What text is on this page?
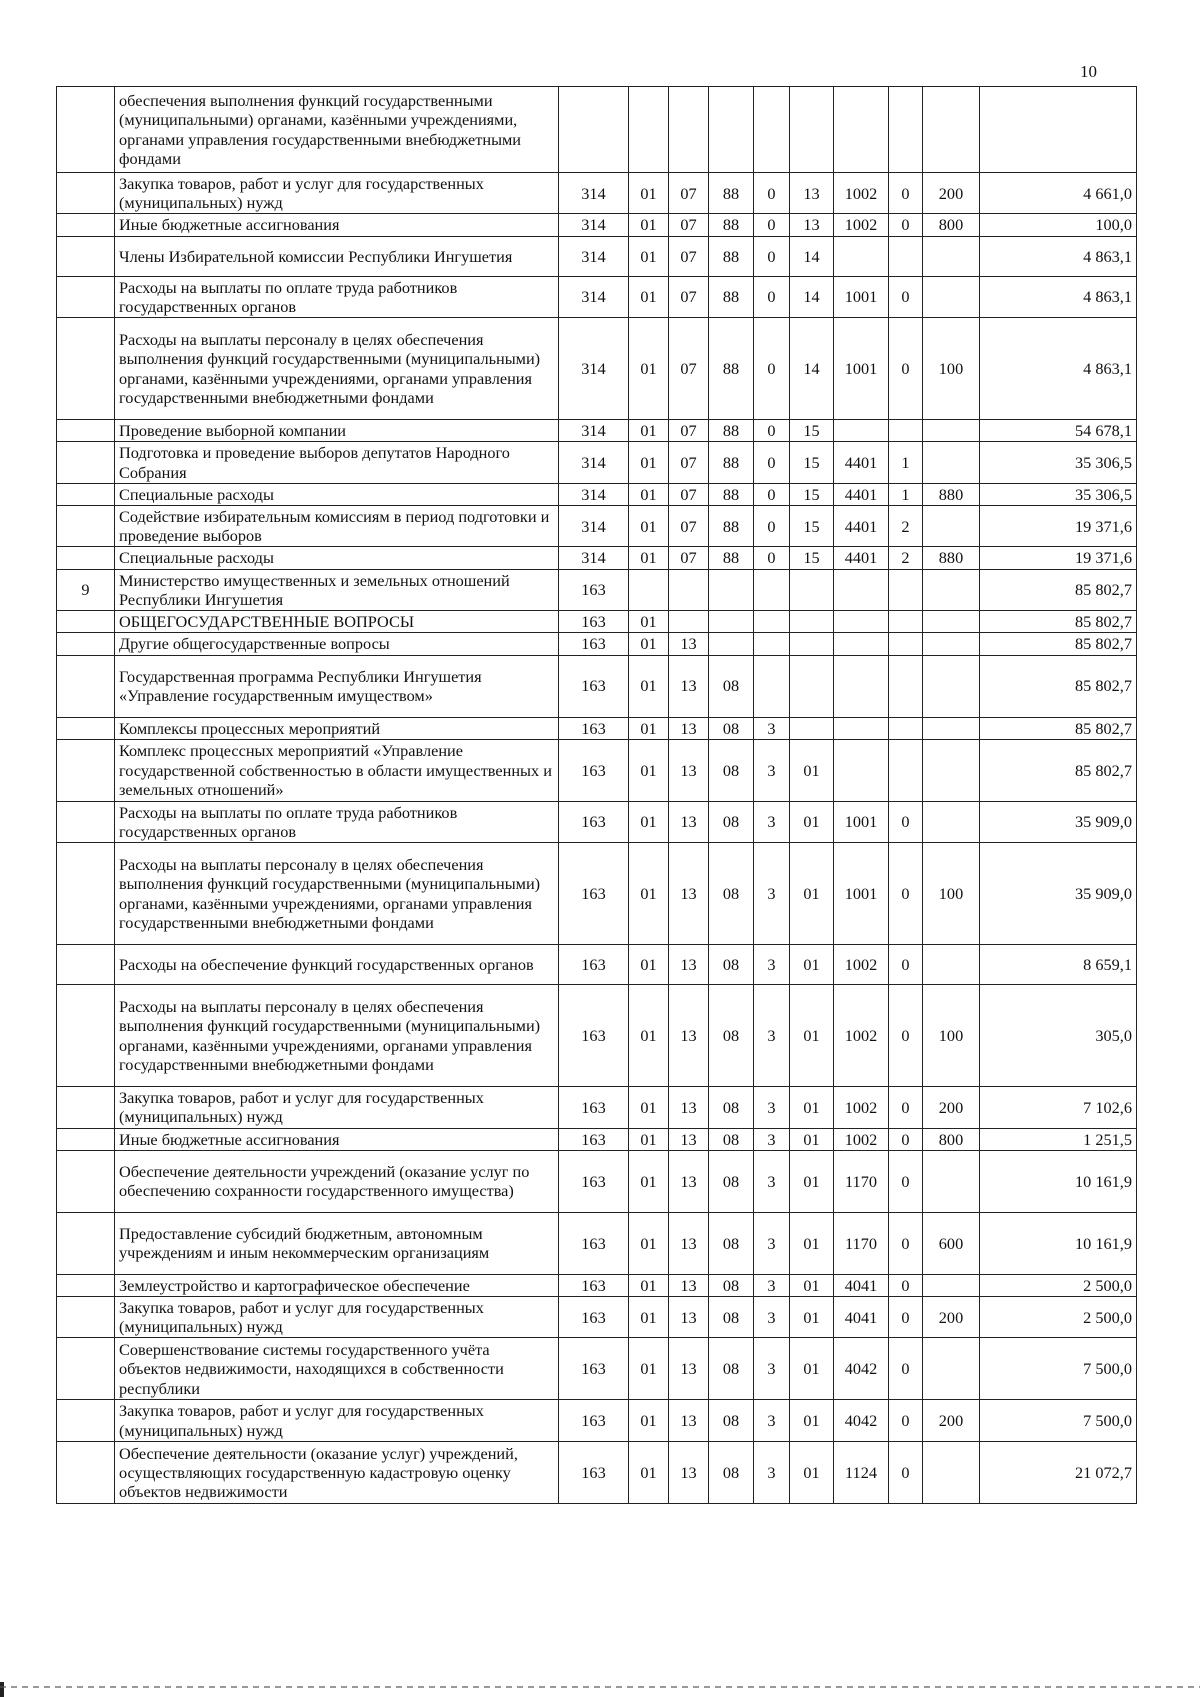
10
	обеспечения выполнения функций государственными (муниципальными) органами, казёнными учреждениями, органами управления государственными внебюджетными фондами										
	Закупка товаров, работ и услуг для государственных (муниципальных) нужд	314	01	07	88	0	13	1002	0	200	4 661,0
	Иные бюджетные ассигнования	314	01	07	88	0	13	1002	0	800	100,0
	Члены Избирательной комиссии Республики Ингушетия	314	01	07	88	0	14				4 863,1
	Расходы на выплаты по оплате труда работников государственных органов	314	01	07	88	0	14	1001	0		4 863,1
	Расходы на выплаты персоналу в целях обеспечения выполнения функций государственными (муниципальными) органами, казёнными учреждениями, органами управления государственными внебюджетными фондами	314	01	07	88	0	14	1001	0	100	4 863,1
	Проведение выборной компании	314	01	07	88	0	15				54 678,1
	Подготовка и проведение выборов депутатов Народного Собрания	314	01	07	88	0	15	4401	1		35 306,5
	Специальные расходы	314	01	07	88	0	15	4401	1	880	35 306,5
	Содействие избирательным комиссиям в период подготовки и проведение выборов	314	01	07	88	0	15	4401	2		19 371,6
	Специальные расходы	314	01	07	88	0	15	4401	2	880	19 371,6
9	Министерство имущественных и земельных отношений Республики Ингушетия	163									85 802,7
	ОБЩЕГОСУДАРСТВЕННЫЕ ВОПРОСЫ	163	01								85 802,7
	Другие общегосударственные вопросы	163	01	13							85 802,7
	Государственная программа Республики Ингушетия «Управление государственным имуществом»	163	01	13	08						85 802,7
	Комплексы процессных мероприятий	163	01	13	08	3					85 802,7
	Комплекс процессных мероприятий «Управление государственной собственностью в области имущественных и земельных отношений»	163	01	13	08	3	01				85 802,7
	Расходы на выплаты по оплате труда работников государственных органов	163	01	13	08	3	01	1001	0		35 909,0
	Расходы на выплаты персоналу в целях обеспечения выполнения функций государственными (муниципальными) органами, казёнными учреждениями, органами управления государственными внебюджетными фондами	163	01	13	08	3	01	1001	0	100	35 909,0
	Расходы на обеспечение функций государственных органов	163	01	13	08	3	01	1002	0		8 659,1
	Расходы на выплаты персоналу в целях обеспечения выполнения функций государственными (муниципальными) органами, казёнными учреждениями, органами управления государственными внебюджетными фондами	163	01	13	08	3	01	1002	0	100	305,0
	Закупка товаров, работ и услуг для государственных (муниципальных) нужд	163	01	13	08	3	01	1002	0	200	7 102,6
	Иные бюджетные ассигнования	163	01	13	08	3	01	1002	0	800	1 251,5
	Обеспечение деятельности учреждений (оказание услуг по обеспечению сохранности государственного имущества)	163	01	13	08	3	01	1170	0		10 161,9
	Предоставление субсидий бюджетным, автономным учреждениям и иным некоммерческим организациям	163	01	13	08	3	01	1170	0	600	10 161,9
	Землеустройство и картографическое обеспечение	163	01	13	08	3	01	4041	0		2 500,0
	Закупка товаров, работ и услуг для государственных (муниципальных) нужд	163	01	13	08	3	01	4041	0	200	2 500,0
	Совершенствование системы государственного учёта объектов недвижимости, находящихся в собственности республики	163	01	13	08	3	01	4042	0		7 500,0
	Закупка товаров, работ и услуг для государственных (муниципальных) нужд	163	01	13	08	3	01	4042	0	200	7 500,0
	Обеспечение деятельности (оказание услуг) учреждений, осуществляющих государственную кадастровую оценку объектов недвижимости	163	01	13	08	3	01	1124	0		21 072,7
